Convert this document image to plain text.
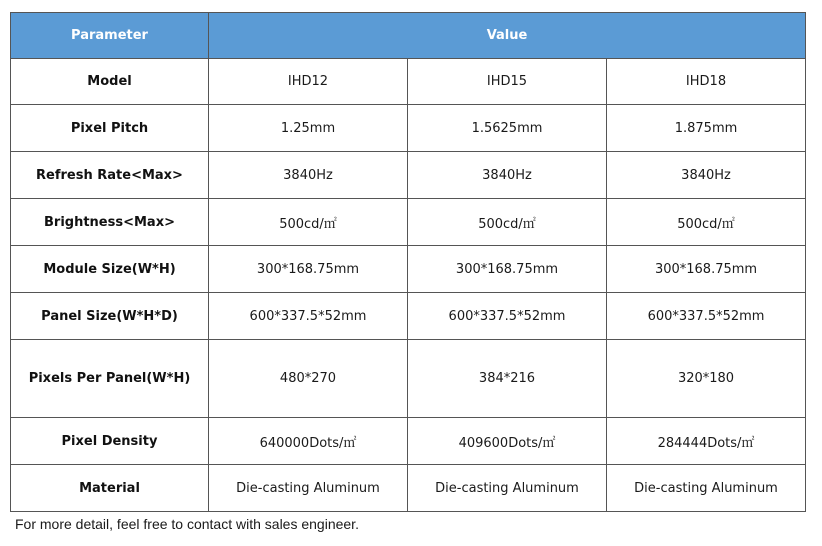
Parameter	Value		
Model	IHD12	IHD15	IHD18
Pixel Pitch	1.25mm	1.5625mm	1.875mm
Refresh Rate<Max>	3840Hz	3840Hz	3840Hz
Brightness<Max>	500cd/㎡	500cd/㎡	500cd/㎡
Module Size(W*H)	300*168.75mm	300*168.75mm	300*168.75mm
Panel Size(W*H*D)	600*337.5*52mm	600*337.5*52mm	600*337.5*52mm
Pixels Per Panel(W*H)	480*270	384*216	320*180
Pixel Density	640000Dots/㎡	409600Dots/㎡	284444Dots/㎡
Material	Die-casting Aluminum	Die-casting Aluminum	Die-casting Aluminum

For more detail, feel free to contact with sales engineer.
